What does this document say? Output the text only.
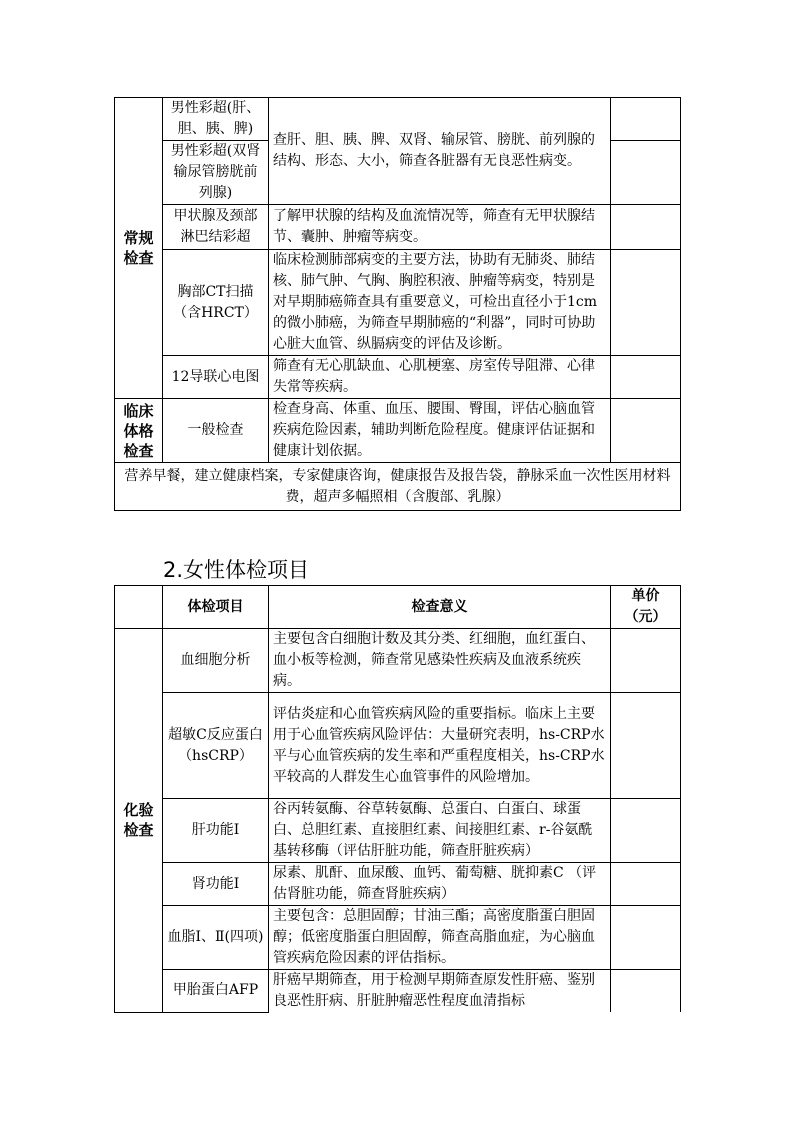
常规检查	男性彩超(肝、胆、胰、脾)	查肝、胆、胰、脾、双肾、输尿管、膀胱、前列腺的结构、形态、大小，筛查各脏器有无良恶性病变。	
	男性彩超(双肾输尿管膀胱前列腺)		
	甲状腺及颈部淋巴结彩超	了解甲状腺的结构及血流情况等，筛查有无甲状腺结节、囊肿、肿瘤等病变。	
	胸部CT扫描（含HRCT）	临床检测肺部病变的主要方法，协助有无肺炎、肺结核、肺气肿、气胸、胸腔积液、肿瘤等病变，特别是对早期肺癌筛查具有重要意义，可检出直径小于1cm的微小肺癌，为筛查早期肺癌的“利器”，同时可协助心脏大血管、纵膈病变的评估及诊断。	
	12导联心电图	筛查有无心肌缺血、心肌梗塞、房室传导阻滞、心律失常等疾病。	
临床体格检查	一般检查	检查身高、体重、血压、腰围、臀围，评估心脑血管疾病危险因素，辅助判断危险程度。健康评估证据和健康计划依据。	
营养早餐，建立健康档案，专家健康咨询，健康报告及报告袋，静脉采血一次性医用材料费，超声多幅照相（含腹部、乳腺）			
2.女性体检项目
	体检项目	检查意义	单价（元）
化验检查	血细胞分析	主要包含白细胞计数及其分类、红细胞，血红蛋白、血小板等检测，筛查常见感染性疾病及血液系统疾病。	
	超敏C反应蛋白（hsCRP）	评估炎症和心血管疾病风险的重要指标。临床上主要用于心血管疾病风险评估：大量研究表明，hs-CRP水平与心血管疾病的发生率和严重程度相关，hs-CRP水平较高的人群发生心血管事件的风险增加。	
	肝功能Ⅰ	谷丙转氨酶、谷草转氨酶、总蛋白、白蛋白、球蛋白、总胆红素、直接胆红素、间接胆红素、r-谷氨酰基转移酶（评估肝脏功能，筛查肝脏疾病）	
	肾功能Ⅰ	尿素、肌酐、血尿酸、血钙、葡萄糖、胱抑素C （评估肾脏功能，筛查肾脏疾病）	
	血脂Ⅰ、Ⅱ(四项)	主要包含：总胆固醇；甘油三酯；高密度脂蛋白胆固醇；低密度脂蛋白胆固醇，筛查高脂血症，为心脑血管疾病危险因素的评估指标。	
	甲胎蛋白AFP	肝癌早期筛查，用于检测早期筛查原发性肝癌、鉴别良恶性肝病、肝脏肿瘤恶性程度血清指标	
